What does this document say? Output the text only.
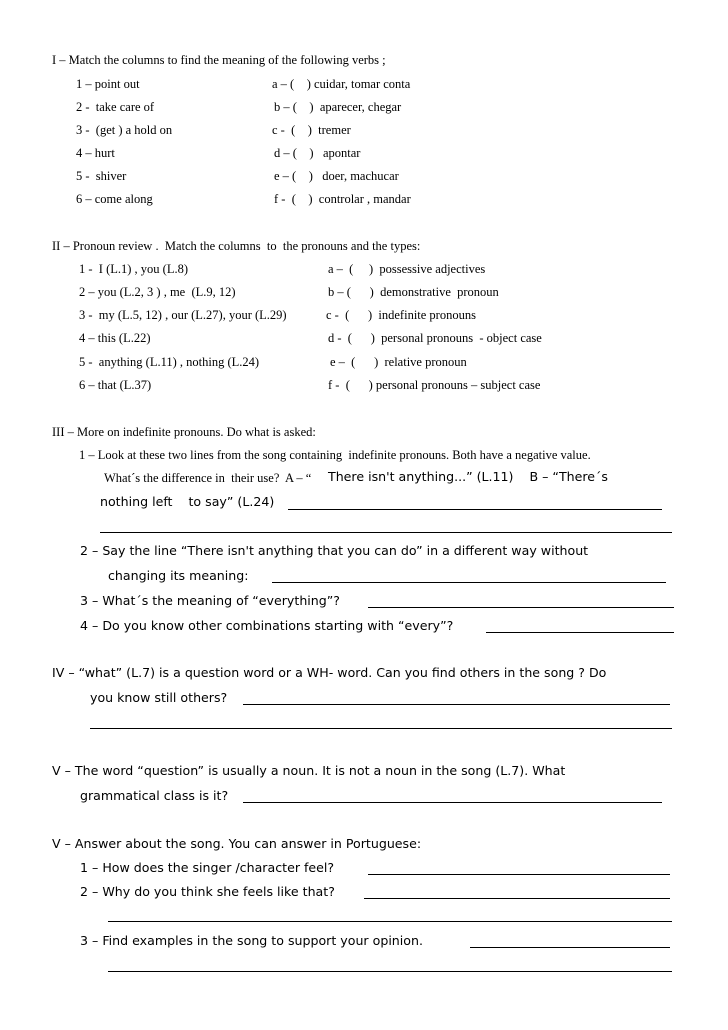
I – Match the columns to find the meaning of the following verbs ;
1 – point out
2 -  take care of
3 -  (get ) a hold on
4 – hurt
5 -  shiver
6 – come along
a – (    ) cuidar, tomar conta
b – (    )  aparecer, chegar
c -  (    )  tremer
d – (    )   apontar
e – (    )   doer, machucar
f -  (    )  controlar , mandar
II – Pronoun review .  Match the columns  to  the pronouns and the types:
1 -  I (L.1) , you (L.8)
2 – you (L.2, 3 ) , me  (L.9, 12)
3 -  my (L.5, 12) , our (L.27), your (L.29)
4 – this (L.22)
5 -  anything (L.11) , nothing (L.24)
6 – that (L.37)
a –  (     )  possessive adjectives
b – (      )  demonstrative  pronoun
c -  (      )  indefinite pronouns
d -  (      )  personal pronouns  - object case
e –  (      )  relative pronoun
f -  (      ) personal pronouns – subject case
III – More on indefinite pronouns. Do what is asked:
1 – Look at these two lines from the song containing  indefinite pronouns. Both have a negative value.
What´s the difference in  their use?  A – “ There isn't anything...” (L.11)    B – “There´s
nothing left    to say” (L.24)
2 – Say the line “There isn't anything that you can do” in a different way without
changing its meaning:
3 – What´s the meaning of “everything”?
4 – Do you know other combinations starting with “every”?
IV – “what” (L.7) is a question word or a WH- word. Can you find others in the song ? Do
you know still others?
V – The word “question” is usually a noun. It is not a noun in the song (L.7). What
grammatical class is it?
V – Answer about the song. You can answer in Portuguese:
1 – How does the singer /character feel?
2 – Why do you think she feels like that?
3 – Find examples in the song to support your opinion.
